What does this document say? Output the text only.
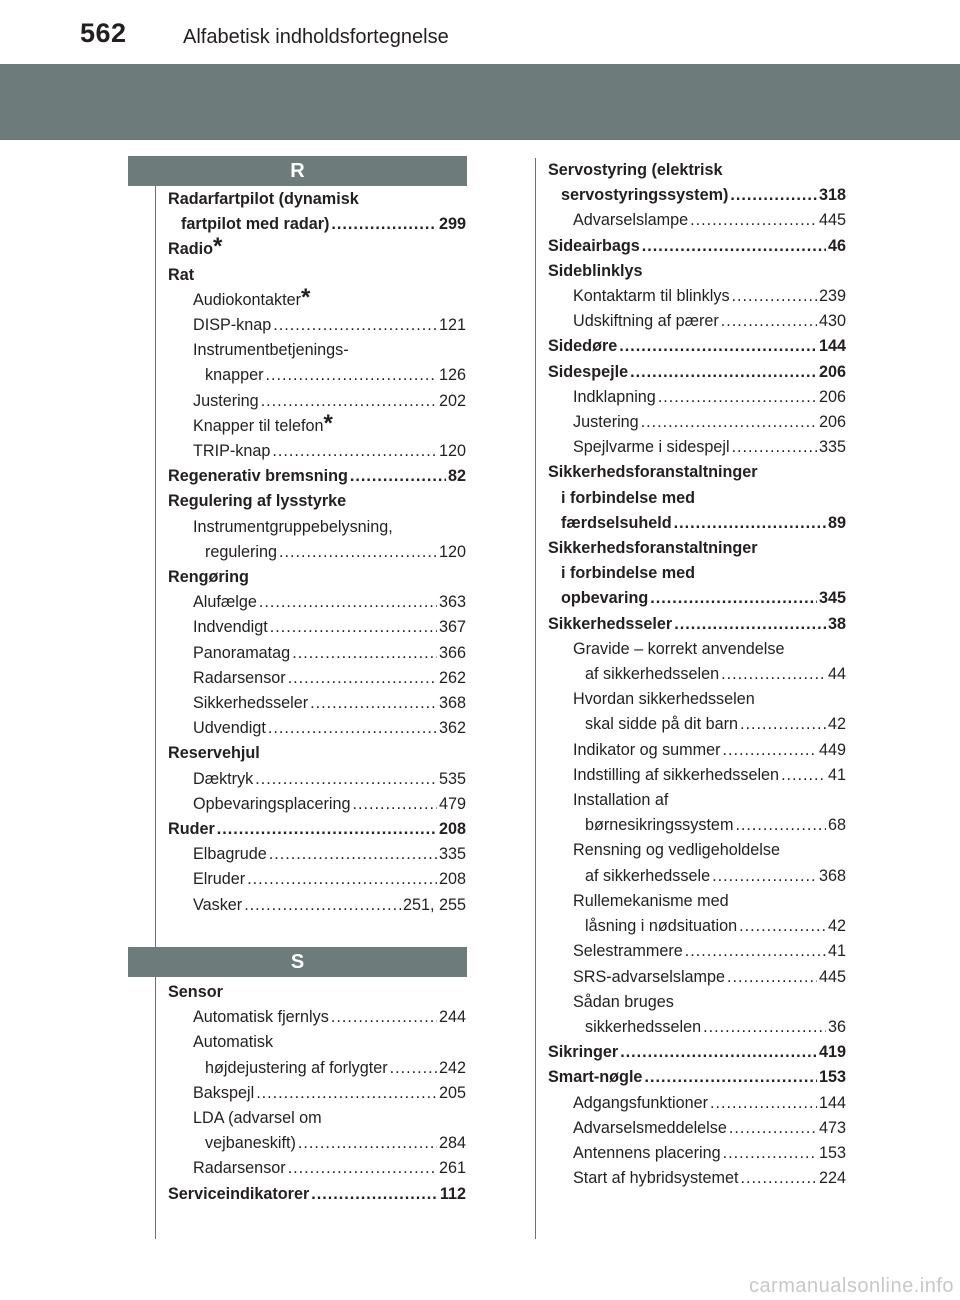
562	Alfabetisk indholdsfortegnelse
R
Radarfartpilot (dynamisk
fartpilot med radar) .....	299
Radio *
Rat
Audiokontakter *
DISP-knap .....	121
Instrumentbetjenings-
knapper .....	126
Justering .....	202
Knapper til telefon *
TRIP-knap .....	120
Regenerativ bremsning .....	82
Regulering af lysstyrke
Instrumentgruppebelysning,
regulering .....	120
Rengøring
Alufælge .....	363
Indvendigt .....	367
Panoramatag .....	366
Radarsensor .....	262
Sikkerhedsseler .....	368
Udvendigt .....	362
Reservehjul
Dæktryk .....	535
Opbevaringsplacering .....	479
Ruder .....	208
Elbagrude .....	335
Elruder .....	208
Vasker .....	251, 255
S
Sensor
Automatisk fjernlys .....	244
Automatisk
højdejustering af forlygter .....	242
Bakspejl .....	205
LDA (advarsel om
vejbaneskift) .....	284
Radarsensor .....	261
Serviceindikatorer .....	112
Servostyring (elektrisk
servostyringssystem) .....	318
Advarselslampe .....	445
Sideairbags .....	46
Sideblinklys
Kontaktarm til blinklys .....	239
Udskiftning af pærer .....	430
Sidedøre .....	144
Sidespejle .....	206
Indklapning .....	206
Justering .....	206
Spejlvarme i sidespejl .....	335
Sikkerhedsforanstaltninger
i forbindelse med
færdselsuheld .....	89
Sikkerhedsforanstaltninger
i forbindelse med
opbevaring .....	345
Sikkerhedsseler .....	38
Gravide – korrekt anvendelse
af sikkerhedsselen .....	44
Hvordan sikkerhedsselen
skal sidde på dit barn .....	42
Indikator og summer .....	449
Indstilling af sikkerhedsselen .....	41
Installation af
børnesikringssystem .....	68
Rensning og vedligeholdelse
af sikkerhedssele .....	368
Rullemekanisme med
låsning i nødsituation .....	42
Selestrammere .....	41
SRS-advarselslampe .....	445
Sådan bruges
sikkerhedsselen .....	36
Sikringer .....	419
Smart-nøgle .....	153
Adgangsfunktioner .....	144
Advarselsmeddelelse .....	473
Antennens placering .....	153
Start af hybridsystemet .....	224
carmanualsonline.info
